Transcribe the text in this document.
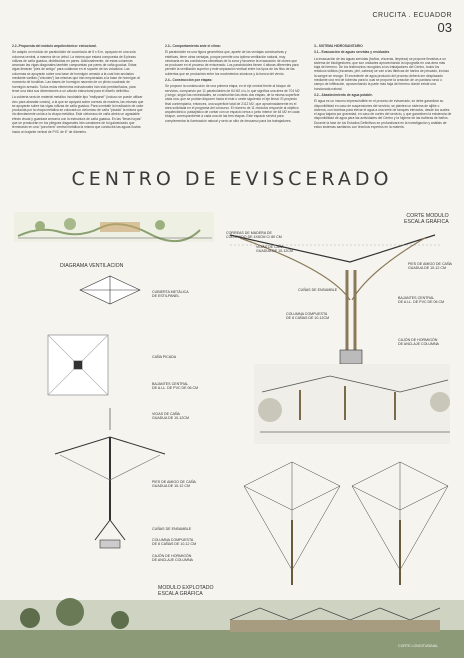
CRUCITA . ECUADOR
03

2.2.-Propuesta del módulo arquitectónico: estructural.

Se adaptó un módulo de paraboloide de cuadrícula de 8 x 8 m, apoyado en una sola columna central, a manera de un árbol. La misma que estará compuesta de 8 piezas rollizas de caña guadua, distribuidas en pares. Adicionalmente, de estas columnas arrancan las vigas diagonales también compuestas por pares de caña guadua. Estas vigas llevarán "pies de amigo" para colaborar en el soporte de los voladizos. Las columnas se apoyarán sobre una base de hormigón armado a la cual irán anclados mediante varillas ("chicotes") las mismas que irán empotradas a la base de hormigón al momento de fundirlas. Las bases de hormigón nacerán de un plinto cuadrado de hormigón armado. Todos estos elementos estructurales han sido prediseñados, para tener una idea sus dimensiones a un cálculo estructural para el diseño definitivo.

La cubierta será de material metálico inoxidable tipo "estilpanel" (incluso se puede utilizar zinc para abaratar costos), a la que se apoyará sobre correas de madera, las mismas que se apoyarán sobre las vigas rollizas de caña guadua. Para combatir la irradiación de calor producida por la chapa metálica se colocará un cielorraso de caña "picada" la misma que irá directamente unida a la chapa metálica. Este cielorraso de caña abrirá un agradable efecto visual y guardará armonía con la estructura de caña guadua. En las "limas hoyas" que se producirán en los pliegues diagonales irán canalones de tol galvanizado que terminarán en una "ponchera" central metálica la misma que conducirá las aguas lluvias hacia un bajante central de PVC de 6" de diámetro.

2.3.- Comportamiento ante el clima:

El paraboloide es una figura geométrica que, aparte de las ventajas constructivas y estéticas, tiene otras ventajas, porque permite una óptima ventilación natural, muy necesaria en las condiciones climáticas de la zona y favorece la evacuación de olores que se producen en el proceso de eviscerado. Los paraboloides tienen 4 alturas diferentes para permitir la ventilación superior y este separación vertical entre los tipos de los filos de las cubiertas que se producirán entre los movimientos sísmicos y la fuerza del viento.

2.4.- Construcción por etapas:

Se propone la construcción de una primera etapa, en el eje central frente al bloque de servicios, compuesto por 11 paraboloides de 64 M2 c/u, lo que significa una área de 704 M2 y luego, según las necesidades, se construirían las otras dos etapas, de la misma superficie cada una, que se podrán disponer hacia el este o oeste siguiendo el eje lineal. El proyecto final contemplaría, entonces, una superficie total de 2112 M2, que aproximadamente es el área solicitada en el programa del concurso. El número de 11 módulos responde al objetivo arquitectónico: paisajístico de contar con un espacio cerca o junto interior de 64 M2 en cada bloque, correspondiente a cada una de las tres etapas. Este espacio servirá para complementar la iluminación natural y será un sitio de descanso para los trabajadores.

3.- SISTEMA HIDROSANITARIO

3.1.- Evacuación de aguas servidas y residuales

La evacuación de las aguas servidas (baños, vísceras, limpieza) se propone llevarlas a un sistema de biodigestores, que son unidades aprovechando la topografía en una área más baja del terreno. De los testimonios recogidos a los trabajadores del Centro, todos los residuos sólidos (escamas, piel, cabeza) se van a las fábricas de harina de pescado, incluso la sangre se recoge. El excedente de agua producto del proceso deberá ser desplazado mediante una red de tuberías para lo cual se propone la creación de un pantano seco o campo de infiltración, aprovechando la parte más baja del terreno donde existe una hondonada natural.

3.2.- Abastecimiento de agua potable.

El agua es un insumo imprescindible en el proceso de eviscerado, se debe garantizar su disponibilidad en caso de suspensiones del servicio; se plantea un sistema de aljibe o cisterna, con bombas para elevar el agua a una serie de tanques elevados, desde los cuales el agua bajaría por gravedad, en caso de cortes del servicio, y que garanticen la existencia de disponibilidad de agua para las actividades del Centro y la higiene de las bañeras de baños. Durante la fase de los Estudios Definitivos se profundizará en la investigación y análisis de estos sistemas sanitarios con técnicos expertos en la materia.

CENTRO DE EVISCERADO
DIAGRAMA VENTILACION
CORTE MODULO
ESCALA GRÁFICA
MODULO EXPLOTADO
ESCALA GRÁFICA
CORTE LONGITUDINAL
CUBIERTA METÁLICA
DE ESTILPANEL
CAÑA PICADA
BAJANTES CENTRAL
DE A.LL. DE PVC DE 06 CM
VIGAS DE CAÑA
GUADUA DE 10-12CM
PIES DE AMIGO DE CAÑA
GUADUA DE 10-12 CM
CUÑAS DE ENSAMBLE
COLUMNA COMPUESTA
DE 8 CAÑAS DE 10-12 CM
CAJÓN DE HORMIGÓN
DE ANCLAJE COLUMNA
CORREAS DE MADERA DE
COLORADO DE 4X6CM C/ 80 CM
VIGAS DE CAÑA
GUADUA DE 10-12CM
PIES DE AMIGO DE CAÑA
GUADUA DE 10-12 CM
CUÑAS DE ENSAMBLE
BAJANTES CENTRAL
DE A.LL. DE PVC DE 06 CM
COLUMNA COMPUESTA
DE 8 CAÑAS DE 10-12CM
CAJÓN DE HORMIGÓN
DE ANCLAJE COLUMNA
